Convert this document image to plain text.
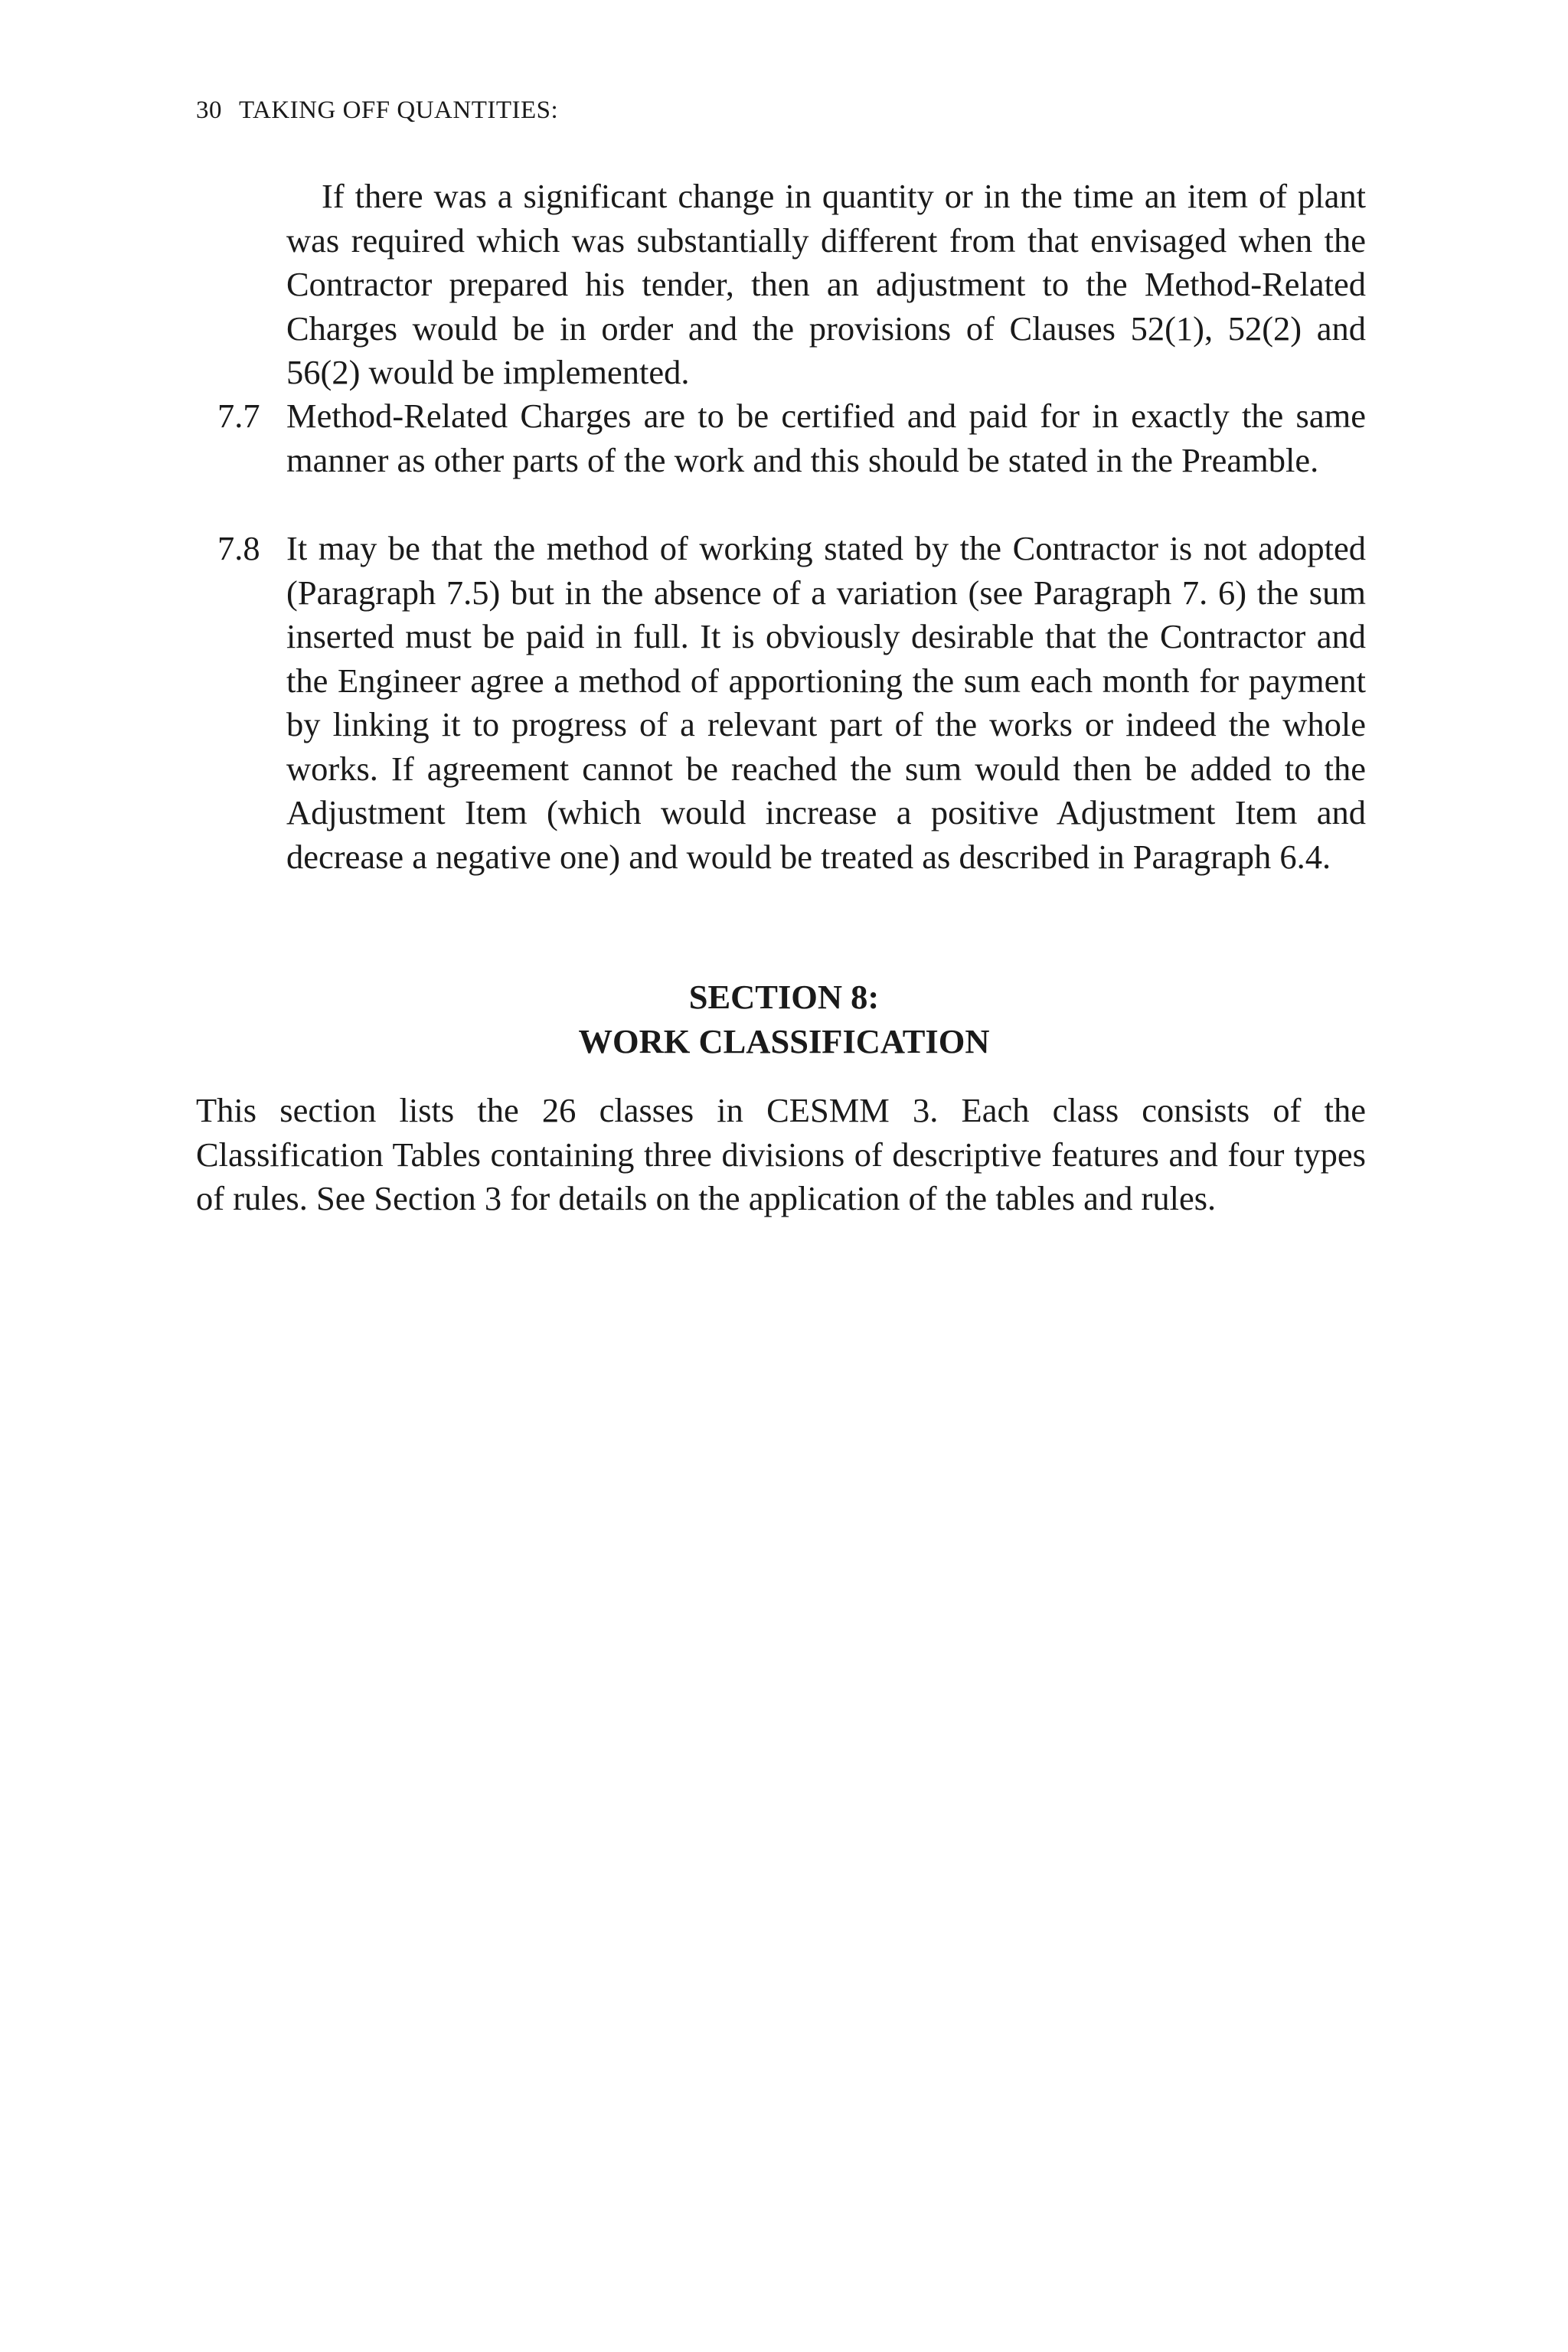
30 TAKING OFF QUANTITIES:
If there was a significant change in quantity or in the time an item of plant was required which was substantially different from that envisaged when the Contractor prepared his tender, then an adjustment to the Method-Related Charges would be in order and the provisions of Clauses 52(1), 52(2) and 56(2) would be implemented.
7.7 Method-Related Charges are to be certified and paid for in exactly the same manner as other parts of the work and this should be stated in the Preamble.
7.8 It may be that the method of working stated by the Contractor is not adopted (Paragraph 7.5) but in the absence of a variation (see Paragraph 7. 6) the sum inserted must be paid in full. It is obviously desirable that the Contractor and the Engineer agree a method of apportioning the sum each month for payment by linking it to progress of a relevant part of the works or indeed the whole works. If agreement cannot be reached the sum would then be added to the Adjustment Item (which would increase a positive Adjustment Item and decrease a negative one) and would be treated as described in Paragraph 6.4.
SECTION 8:
WORK CLASSIFICATION
This section lists the 26 classes in CESMM 3. Each class consists of the Classification Tables containing three divisions of descriptive features and four types of rules. See Section 3 for details on the application of the tables and rules.
